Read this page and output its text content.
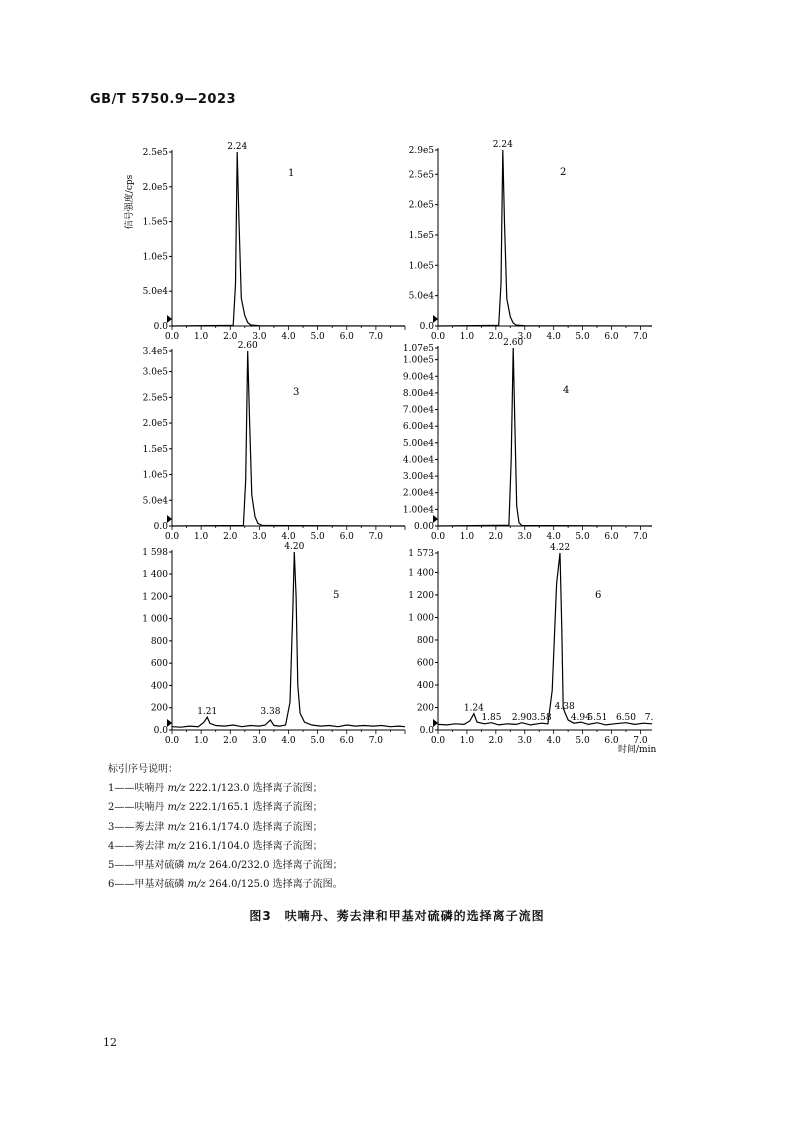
GB/T 5750.9—2023
信号强度/cps
时间/min
0.0
5.0e4
1.0e5
1.5e5
2.0e5
2.5e5
0.0 1.0 2.0 3.0 4.0 5.0 6.0 7.0
2.24
1
0.0
5.0e4
1.0e5
1.5e5
2.0e5
2.5e5
2.9e5
0.0 1.0 2.0 3.0 4.0 5.0 6.0 7.0
2.24
2
0.0
5.0e4
1.0e5
1.5e5
2.0e5
2.5e5
3.0e5
3.4e5
0.0 1.0 2.0 3.0 4.0 5.0 6.0 7.0
2.60
3
0.00
1.00e4
2.00e4
3.00e4
4.00e4
5.00e4
6.00e4
7.00e4
8.00e4
9.00e4
1.00e5
1.07e5
0.0 1.0 2.0 3.0 4.0 5.0 6.0 7.0
2.60
4
0.0
200
400
600
800
1 000
1 200
1 400
1 598
0.0 1.0 2.0 3.0 4.0 5.0 6.0 7.0
1.21	3.38
4.20
5
0.0
200
400
600
800
1 000
1 200
1 400
1 573
0.0 1.0 2.0 3.0 4.0 5.0 6.0 7.0
1.24
1.85 2.90 3.58
4.22
4.38
4.94
5.51 6.50 7.
6
标引序号说明：
1——呋喃丹 m/z 222.1/123.0 选择离子流图；
2——呋喃丹 m/z 222.1/165.1 选择离子流图；
3——莠去津 m/z 216.1/174.0 选择离子流图；
4——莠去津 m/z 216.1/104.0 选择离子流图；
5——甲基对硫磷 m/z 264.0/232.0 选择离子流图；
6——甲基对硫磷 m/z 264.0/125.0 选择离子流图。
图3　呋喃丹、莠去津和甲基对硫磷的选择离子流图
12
